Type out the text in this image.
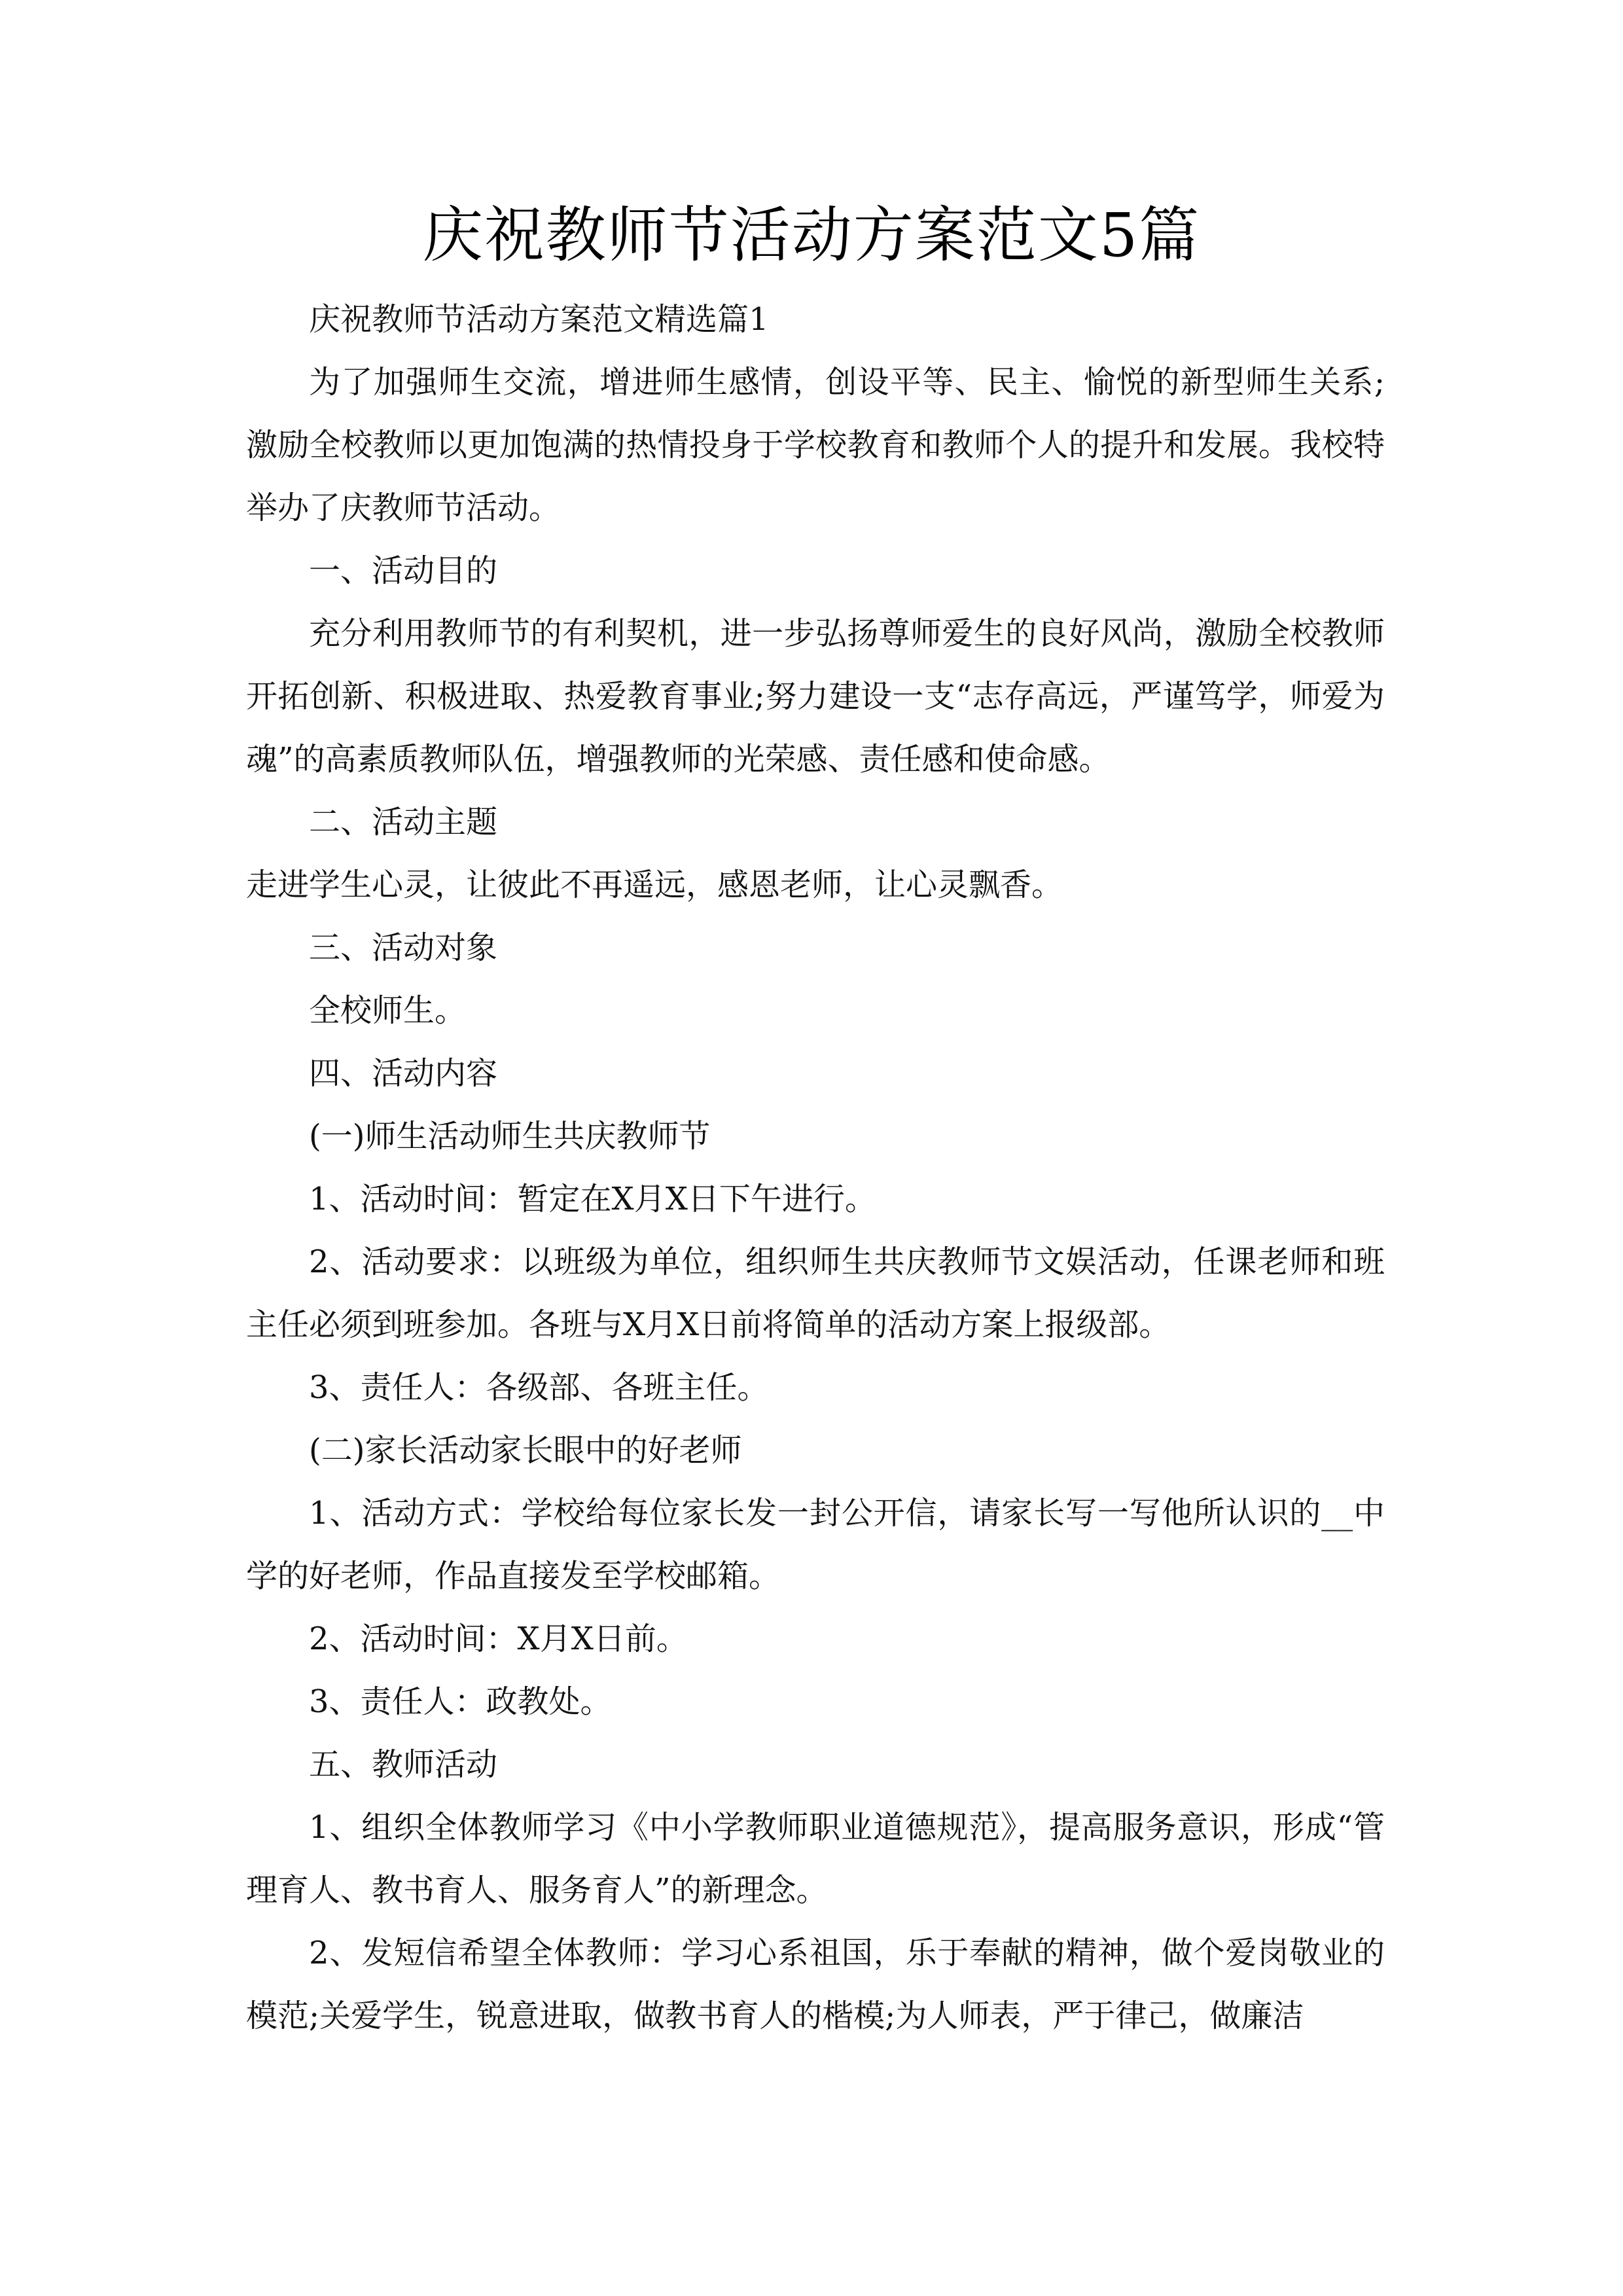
庆祝教师节活动方案范文5篇

庆祝教师节活动方案范文精选篇1

为了加强师生交流，增进师生感情，创设平等、民主、愉悦的新型师生关系;激励全校教师以更加饱满的热情投身于学校教育和教师个人的提升和发展。我校特举办了庆教师节活动。

一、活动目的

充分利用教师节的有利契机，进一步弘扬尊师爱生的良好风尚，激励全校教师开拓创新、积极进取、热爱教育事业;努力建设一支“志存高远，严谨笃学，师爱为魂”的高素质教师队伍，增强教师的光荣感、责任感和使命感。

二、活动主题

走进学生心灵，让彼此不再遥远，感恩老师，让心灵飘香。

三、活动对象

全校师生。

四、活动内容

(一)师生活动师生共庆教师节

1、活动时间：暂定在X月X日下午进行。

2、活动要求：以班级为单位，组织师生共庆教师节文娱活动，任课老师和班主任必须到班参加。各班与X月X日前将简单的活动方案上报级部。

3、责任人：各级部、各班主任。

(二)家长活动家长眼中的好老师

1、活动方式：学校给每位家长发一封公开信，请家长写一写他所认识的__中学的好老师，作品直接发至学校邮箱。

2、活动时间：X月X日前。

3、责任人：政教处。

五、教师活动

1、组织全体教师学习《中小学教师职业道德规范》，提高服务意识，形成“管理育人、教书育人、服务育人”的新理念。

2、发短信希望全体教师：学习心系祖国，乐于奉献的精神，做个爱岗敬业的模范;关爱学生，锐意进取，做教书育人的楷模;为人师表，严于律己，做廉洁
